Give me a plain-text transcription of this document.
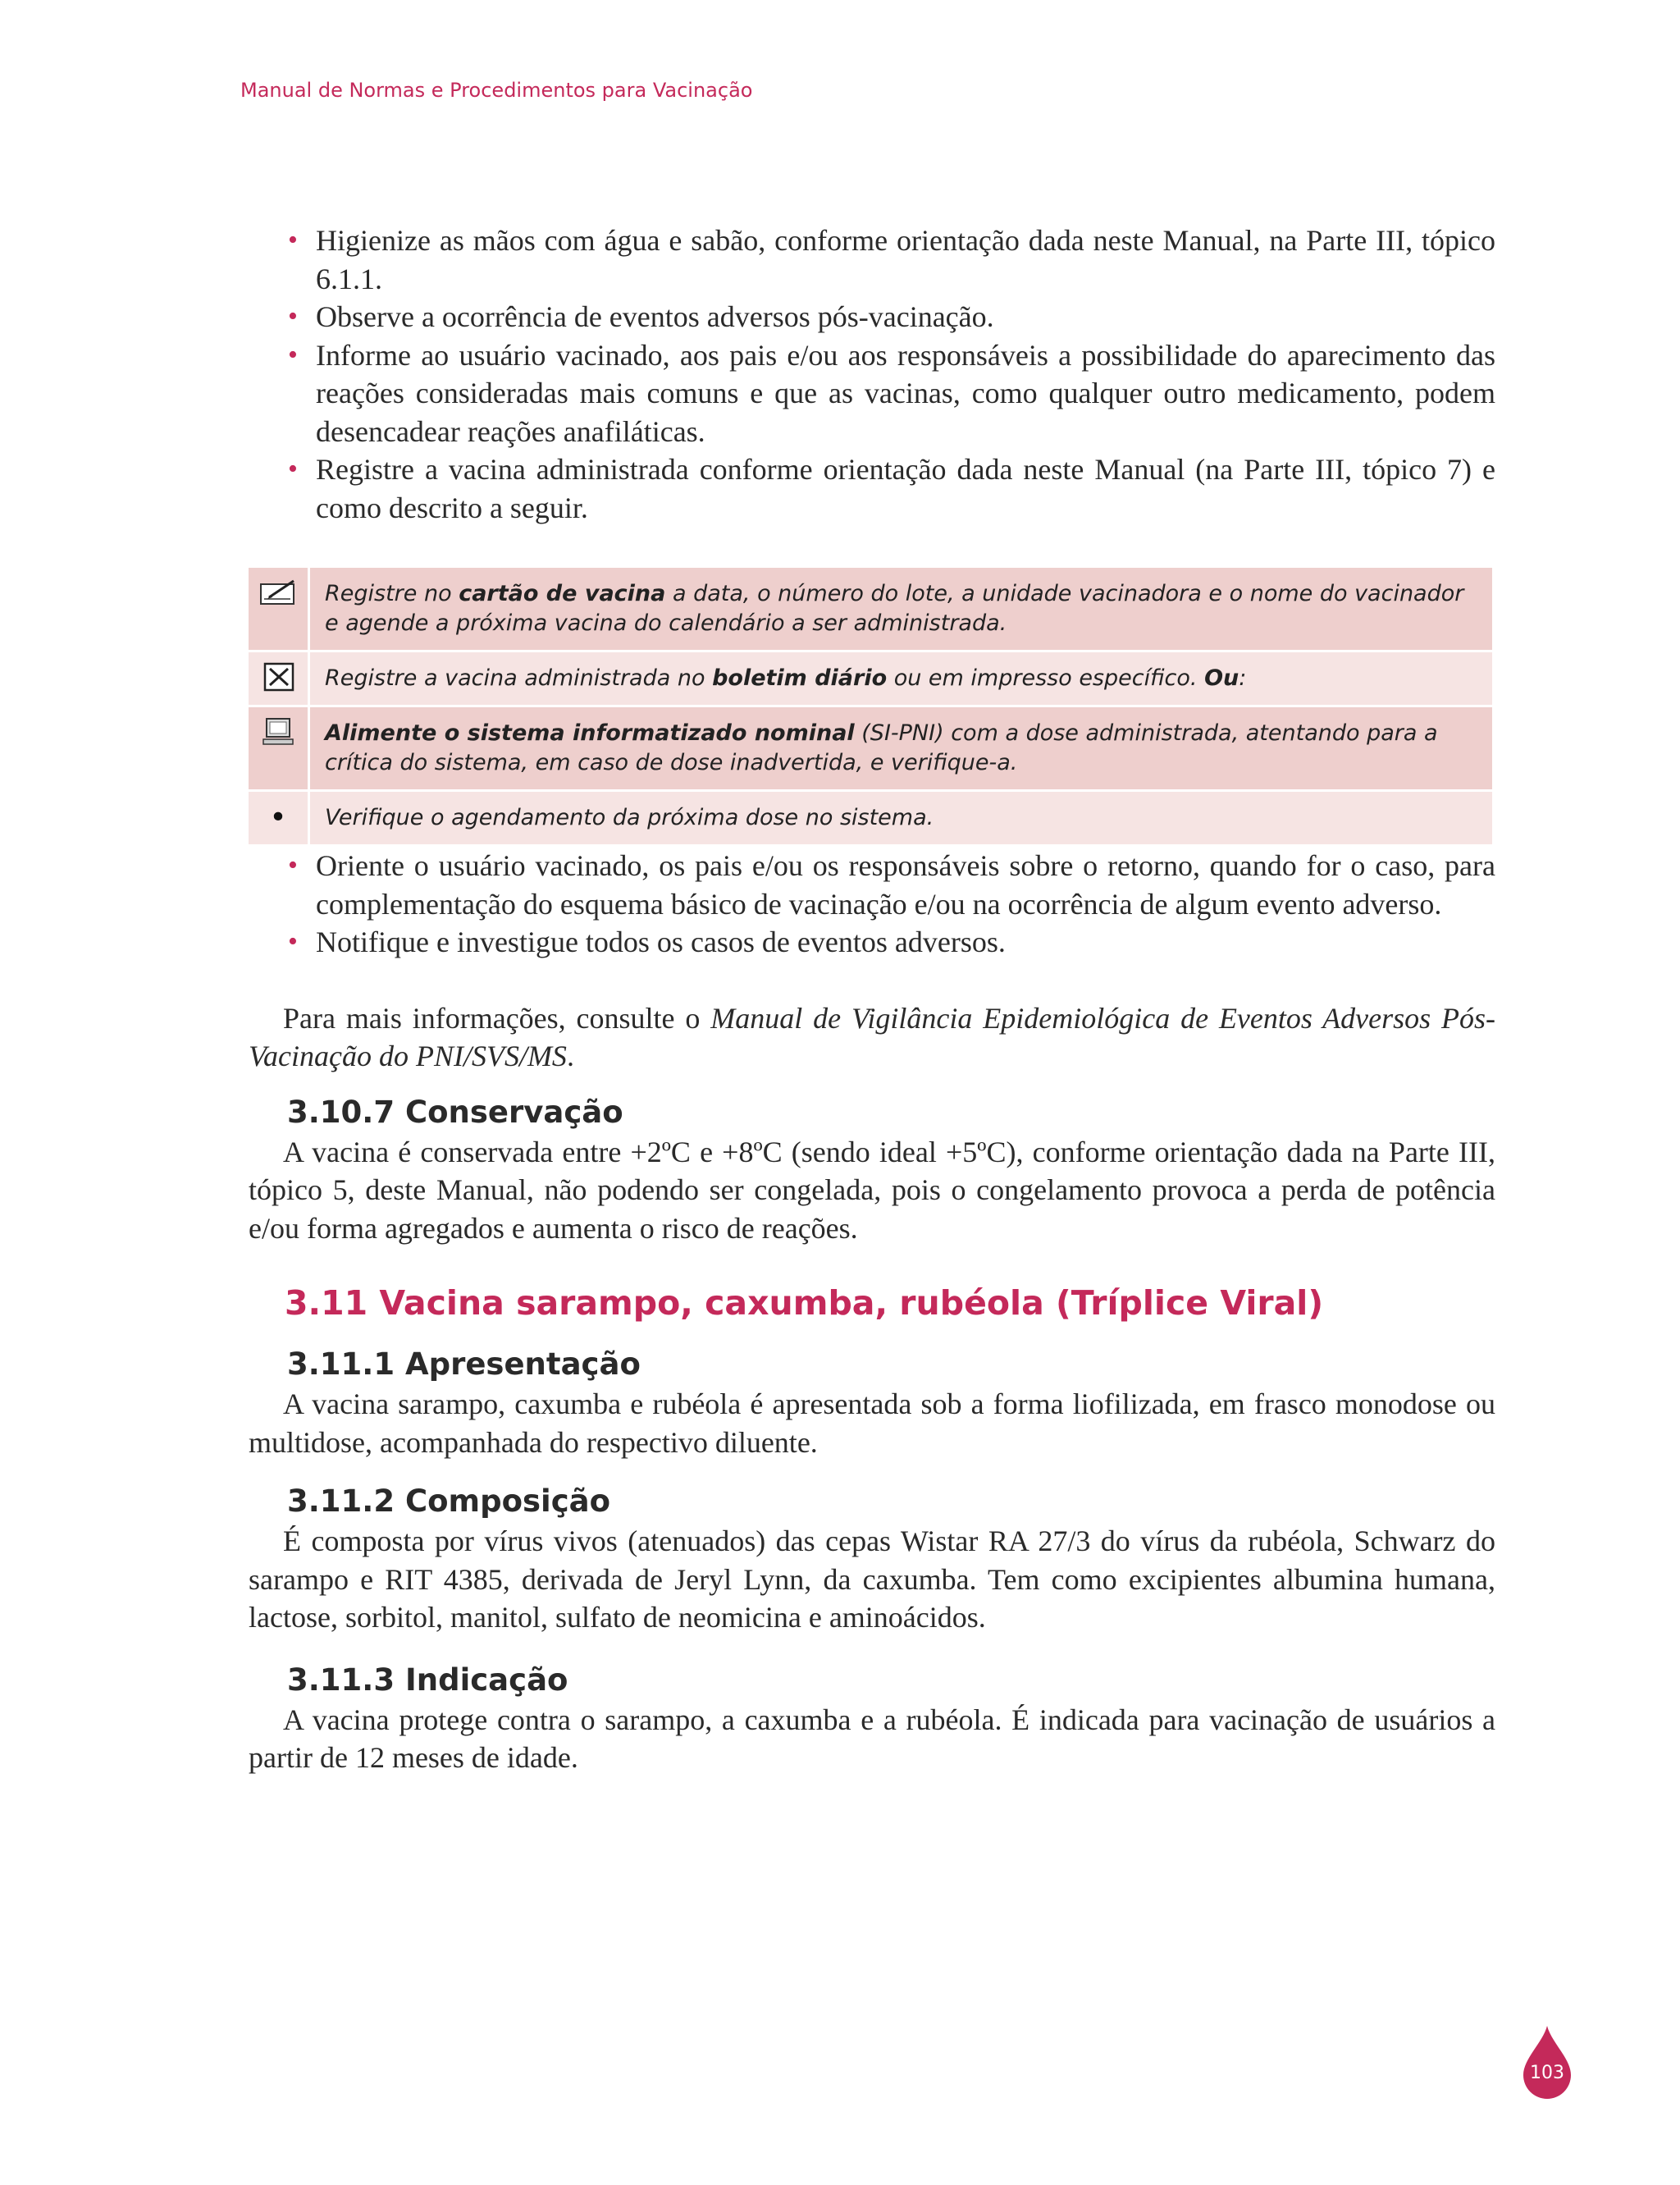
Manual de Normas e Procedimentos para Vacinação
• Higienize as mãos com água e sabão, conforme orientação dada neste Manual, na Parte III, tópico 6.1.1.
• Observe a ocorrência de eventos adversos pós-vacinação.
• Informe ao usuário vacinado, aos pais e/ou aos responsáveis a possibilidade do aparecimento das reações consideradas mais comuns e que as vacinas, como qualquer outro medicamento, podem desencadear reações anafiláticas.
• Registre a vacina administrada conforme orientação dada neste Manual (na Parte III, tópico 7) e como descrito a seguir.
Registre no cartão de vacina a data, o número do lote, a unidade vacinadora e o nome do vacinador e agende a próxima vacina do calendário a ser administrada.
Registre a vacina administrada no boletim diário ou em impresso específico. Ou:
Alimente o sistema informatizado nominal (SI-PNI) com a dose administrada, atentando para a crítica do sistema, em caso de dose inadvertida, e verifique-a.
•	Verifique o agendamento da próxima dose no sistema.
• Oriente o usuário vacinado, os pais e/ou os responsáveis sobre o retorno, quando for o caso, para complementação do esquema básico de vacinação e/ou na ocorrência de algum evento adverso.
• Notifique e investigue todos os casos de eventos adversos.

Para mais informações, consulte o Manual de Vigilância Epidemiológica de Eventos Adversos Pós-Vacinação do PNI/SVS/MS.

3.10.7 Conservação

A vacina é conservada entre +2ºC e +8ºC (sendo ideal +5ºC), conforme orientação dada na Parte III, tópico 5, deste Manual, não podendo ser congelada, pois o congelamento provoca a perda de potência e/ou forma agregados e aumenta o risco de reações.

3.11 Vacina sarampo, caxumba, rubéola (Tríplice Viral)
3.11.1 Apresentação

A vacina sarampo, caxumba e rubéola é apresentada sob a forma liofilizada, em frasco monodose ou multidose, acompanhada do respectivo diluente.

3.11.2 Composição

É composta por vírus vivos (atenuados) das cepas Wistar RA 27/3 do vírus da rubéola, Schwarz do sarampo e RIT 4385, derivada de Jeryl Lynn, da caxumba. Tem como excipientes albumina humana, lactose, sorbitol, manitol, sulfato de neomicina e aminoácidos.

3.11.3 Indicação

A vacina protege contra o sarampo, a caxumba e a rubéola. É indicada para vacinação de usuários a partir de 12 meses de idade.

103
